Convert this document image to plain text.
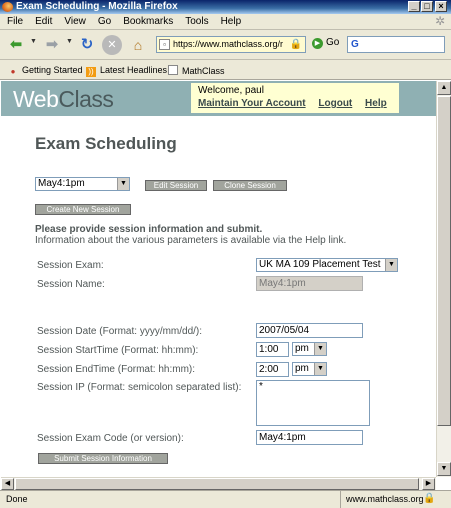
Exam Scheduling - Mozilla Firefox	_ □ ×
File Edit View Go Bookmarks Tools Help	✲
⬅	▼ ➡	▼ ↻	✕	⌂	▫ https://www.mathclass.org/r 🔒	▶ Go G
● Getting Started )) Latest Headlines	MathClass
WebClass	Welcome, paul
Maintain Your Account Logout Help
Exam Scheduling
May4:1pm	▼	Edit Session	Clone Session
Create New Session
Please provide session information and submit.
Information about the various parameters is available via the Help link.
Session Exam:	UK MA 109 Placement Test	▼
Session Name:	May4:1pm
Session Date (Format: yyyy/mm/dd/):	2007/05/04
Session StartTime (Format: hh:mm):	1:00	pm	▼
Session EndTime (Format: hh:mm):	2:00	pm	▼
Session IP (Format: semicolon separated list):	*
Session Exam Code (or version):	May4:1pm
Submit Session Information
▲
▼
◀	▶
Done	www.mathclass.org 🔒
